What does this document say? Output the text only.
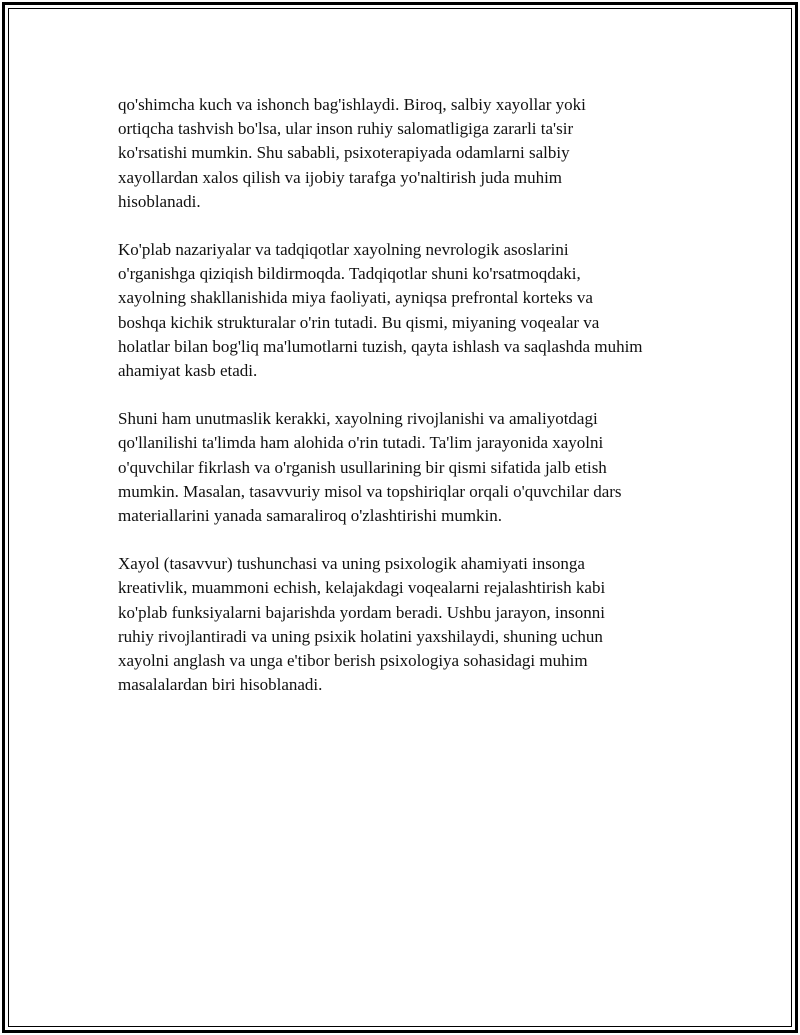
qo'shimcha kuch va ishonch bag'ishlaydi. Biroq, salbiy xayollar yoki
ortiqcha tashvish bo'lsa, ular inson ruhiy salomatligiga zararli ta'sir
ko'rsatishi mumkin. Shu sababli, psixoterapiyada odamlarni salbiy
xayollardan xalos qilish va ijobiy tarafga yo'naltirish juda muhim
hisoblanadi.

Ko'plab nazariyalar va tadqiqotlar xayolning nevrologik asoslarini
o'rganishga qiziqish bildirmoqda. Tadqiqotlar shuni ko'rsatmoqdaki,
xayolning shakllanishida miya faoliyati, ayniqsa prefrontal korteks va
boshqa kichik strukturalar o'rin tutadi. Bu qismi, miyaning voqealar va
holatlar bilan bog'liq ma'lumotlarni tuzish, qayta ishlash va saqlashda muhim
ahamiyat kasb etadi.

Shuni ham unutmaslik kerakki, xayolning rivojlanishi va amaliyotdagi
qo'llanilishi ta'limda ham alohida o'rin tutadi. Ta'lim jarayonida xayolni
o'quvchilar fikrlash va o'rganish usullarining bir qismi sifatida jalb etish
mumkin. Masalan, tasavvuriy misol va topshiriqlar orqali o'quvchilar dars
materiallarini yanada samaraliroq o'zlashtirishi mumkin.

Xayol (tasavvur) tushunchasi va uning psixologik ahamiyati insonga
kreativlik, muammoni echish, kelajakdagi voqealarni rejalashtirish kabi
ko'plab funksiyalarni bajarishda yordam beradi. Ushbu jarayon, insonni
ruhiy rivojlantiradi va uning psixik holatini yaxshilaydi, shuning uchun
xayolni anglash va unga e'tibor berish psixologiya sohasidagi muhim
masalalardan biri hisoblanadi.
